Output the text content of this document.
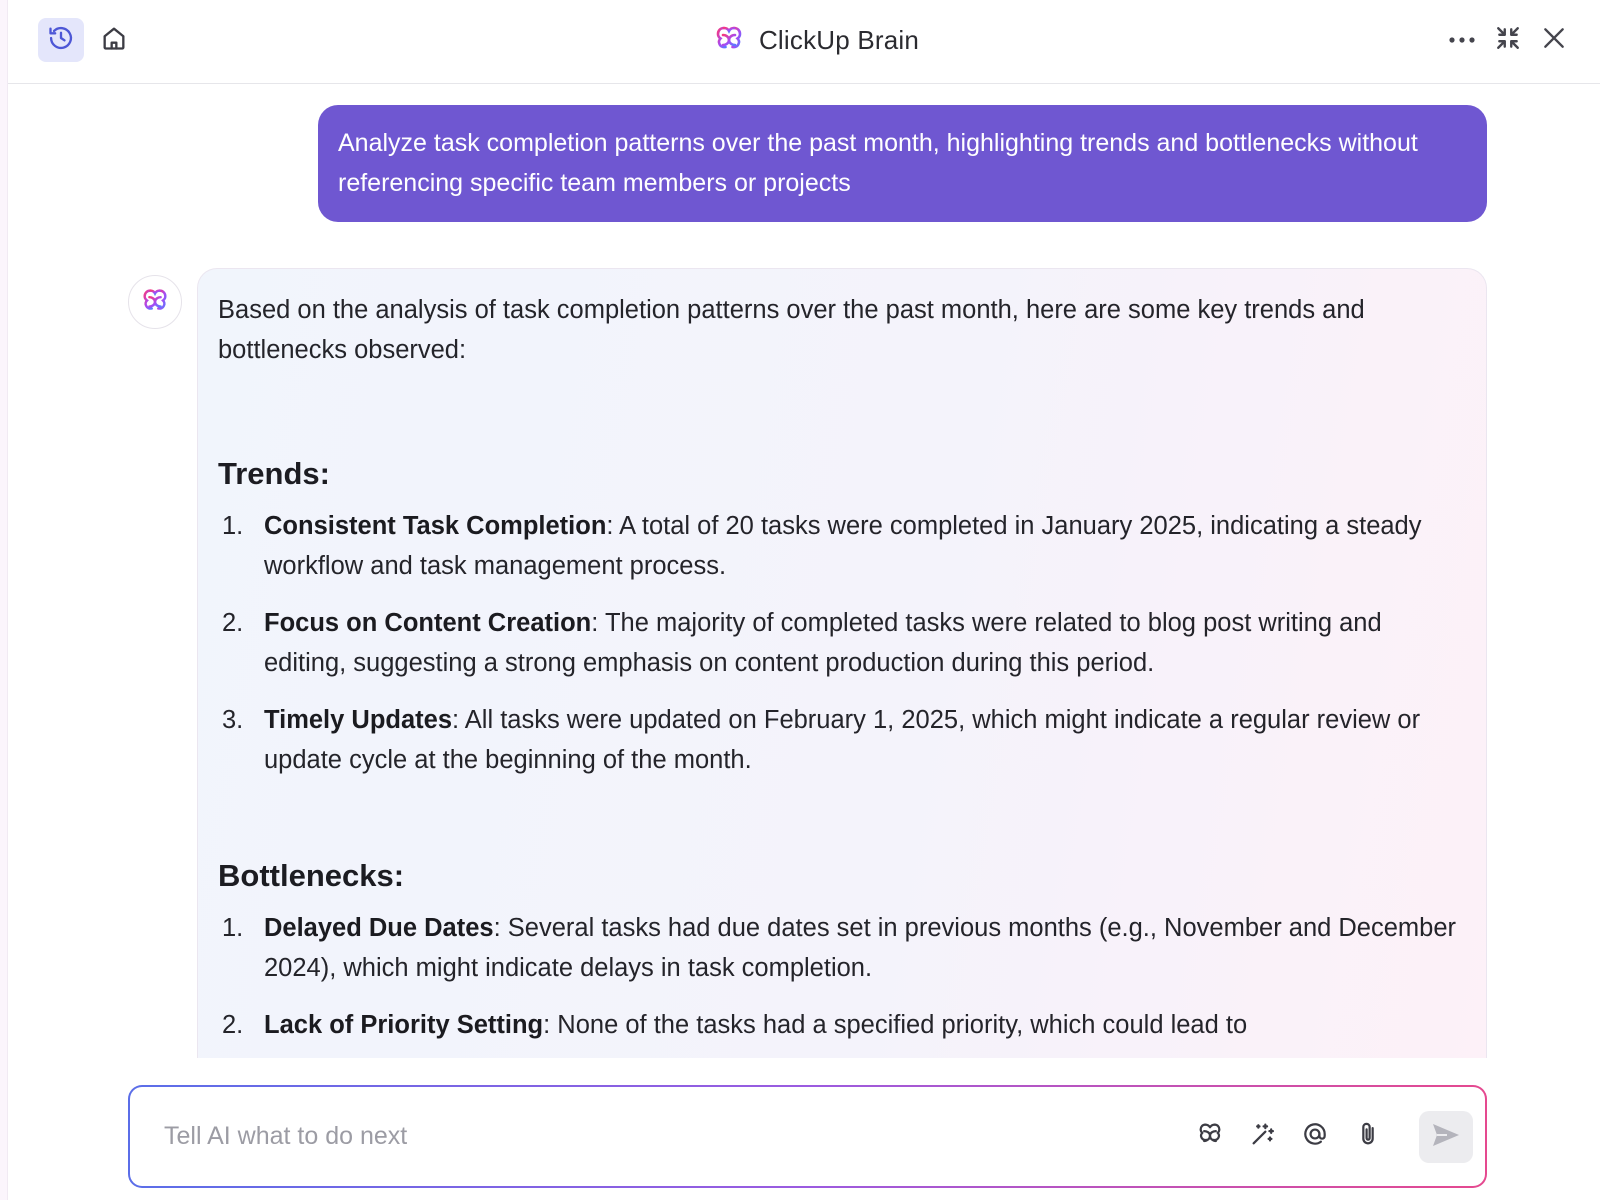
ClickUp Brain
Analyze task completion patterns over the past month, highlighting trends and bottlenecks without referencing specific team members or projects

Based on the analysis of task completion patterns over the past month, here are some key trends and bottlenecks observed:

Trends:
1. Consistent Task Completion: A total of 20 tasks were completed in January 2025, indicating a steady workflow and task management process.
2. Focus on Content Creation: The majority of completed tasks were related to blog post writing and editing, suggesting a strong emphasis on content production during this period.
3. Timely Updates: All tasks were updated on February 1, 2025, which might indicate a regular review or update cycle at the beginning of the month.
Bottlenecks:
1. Delayed Due Dates: Several tasks had due dates set in previous months (e.g., November and December 2024), which might indicate delays in task completion.
2. Lack of Priority Setting: None of the tasks had a specified priority, which could lead to
Tell AI what to do next
